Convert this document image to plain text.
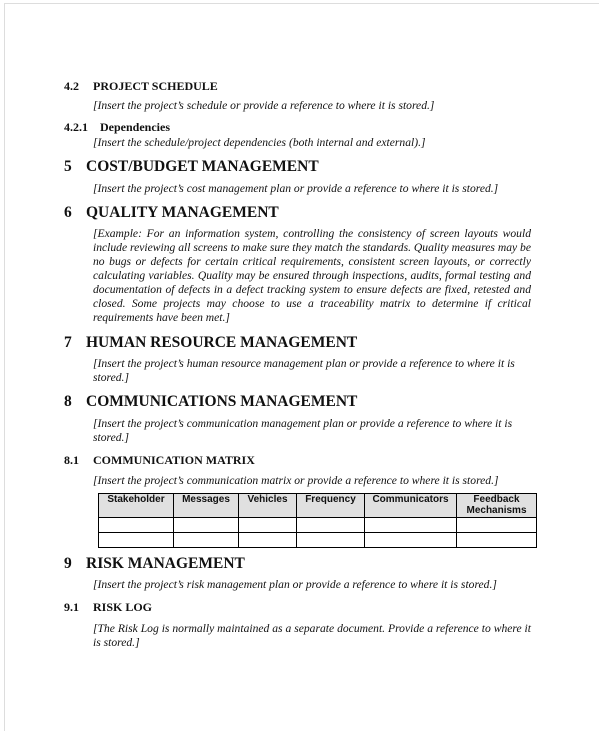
4.2 PROJECT SCHEDULE
[Insert the project’s schedule or provide a reference to where it is stored.]
4.2.1 Dependencies
[Insert the schedule/project dependencies (both internal and external).]
5 COST/BUDGET MANAGEMENT
[Insert the project’s cost management plan or provide a reference to where it is stored.]
6 QUALITY MANAGEMENT
[Example: For an information system, controlling the consistency of screen layouts would include reviewing all screens to make sure they match the standards. Quality measures may be no bugs or defects for certain critical requirements, consistent screen layouts, or correctly calculating variables. Quality may be ensured through inspections, audits, formal testing and documentation of defects in a defect tracking system to ensure defects are fixed, retested and closed. Some projects may choose to use a traceability matrix to determine if critical requirements have been met.]
7 HUMAN RESOURCE MANAGEMENT
[Insert the project’s human resource management plan or provide a reference to where it is stored.]
8 COMMUNICATIONS MANAGEMENT
[Insert the project’s communication management plan or provide a reference to where it is stored.]
8.1 COMMUNICATION MATRIX
[Insert the project’s communication matrix or provide a reference to where it is stored.]
Stakeholder	Messages	Vehicles	Frequency	Communicators	Feedback Mechanisms

9 RISK MANAGEMENT
[Insert the project’s risk management plan or provide a reference to where it is stored.]
9.1 RISK LOG
[The Risk Log is normally maintained as a separate document. Provide a reference to where it is stored.]
